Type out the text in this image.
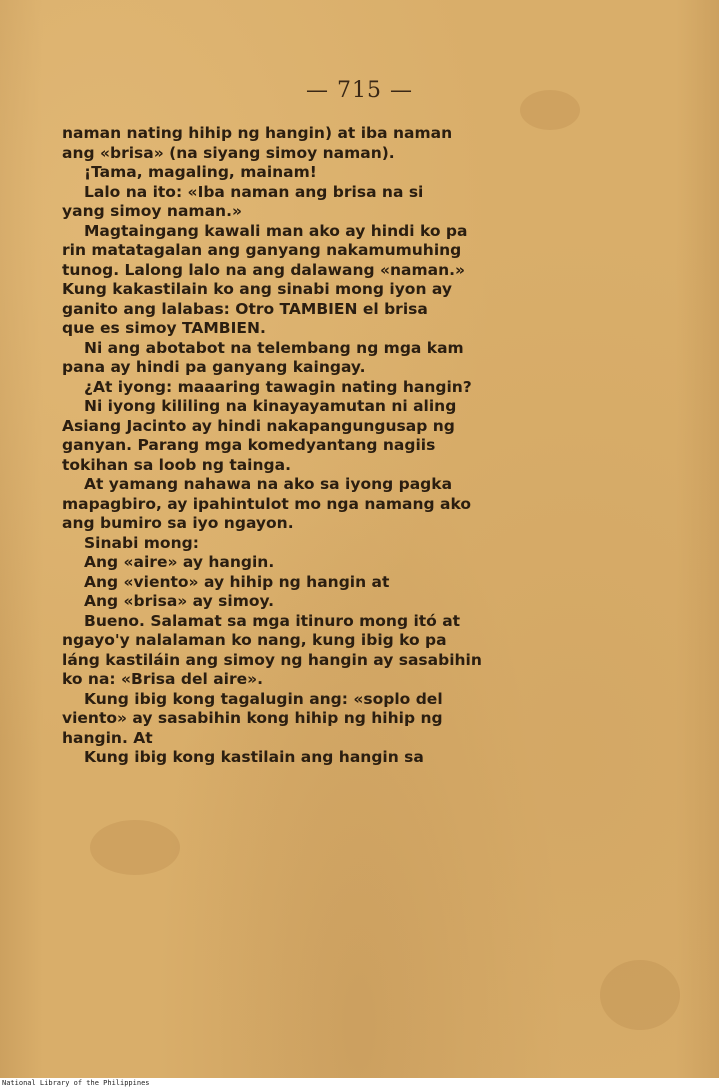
— 715 —
naman nating hihip ng hangin) at iba naman
ang «brisa» (na siyang simoy naman).
¡Tama, magaling, mainam!
Lalo na ito: «Iba naman ang brisa na si
yang simoy naman.»
Magtaingang kawali man ako ay hindi ko pa
rin matatagalan ang ganyang nakamumuhing
tunog. Lalong lalo na ang dalawang «naman.»
Kung kakastilain ko ang sinabi mong iyon ay
ganito ang lalabas: Otro TAMBIEN el brisa
que es simoy TAMBIEN.
Ni ang abotabot na telembang ng mga kam
pana ay hindi pa ganyang kaingay.
¿At iyong: maaaring tawagin nating hangin?
Ni iyong kililing na kinayayamutan ni aling
Asiang Jacinto ay hindi nakapangungusap ng
ganyan. Parang mga komedyantang nagiis
tokihan sa loob ng tainga.
At yamang nahawa na ako sa iyong pagka
mapagbiro, ay ipahintulot mo nga namang ako
ang bumiro sa iyo ngayon.
Sinabi mong:
Ang «aire» ay hangin.
Ang «viento» ay hihip ng hangin at
Ang «brisa» ay simoy.
Bueno. Salamat sa mga itinuro mong itó at
ngayo'y nalalaman ko nang, kung ibig ko pa
láng kastiláin ang simoy ng hangin ay sasabihin
ko na: «Brisa del aire».
Kung ibig kong tagalugin ang: «soplo del
viento» ay sasabihin kong hihip ng hihip ng
hangin. At
Kung ibig kong kastilain ang hangin sa
National Library of the Philippines
